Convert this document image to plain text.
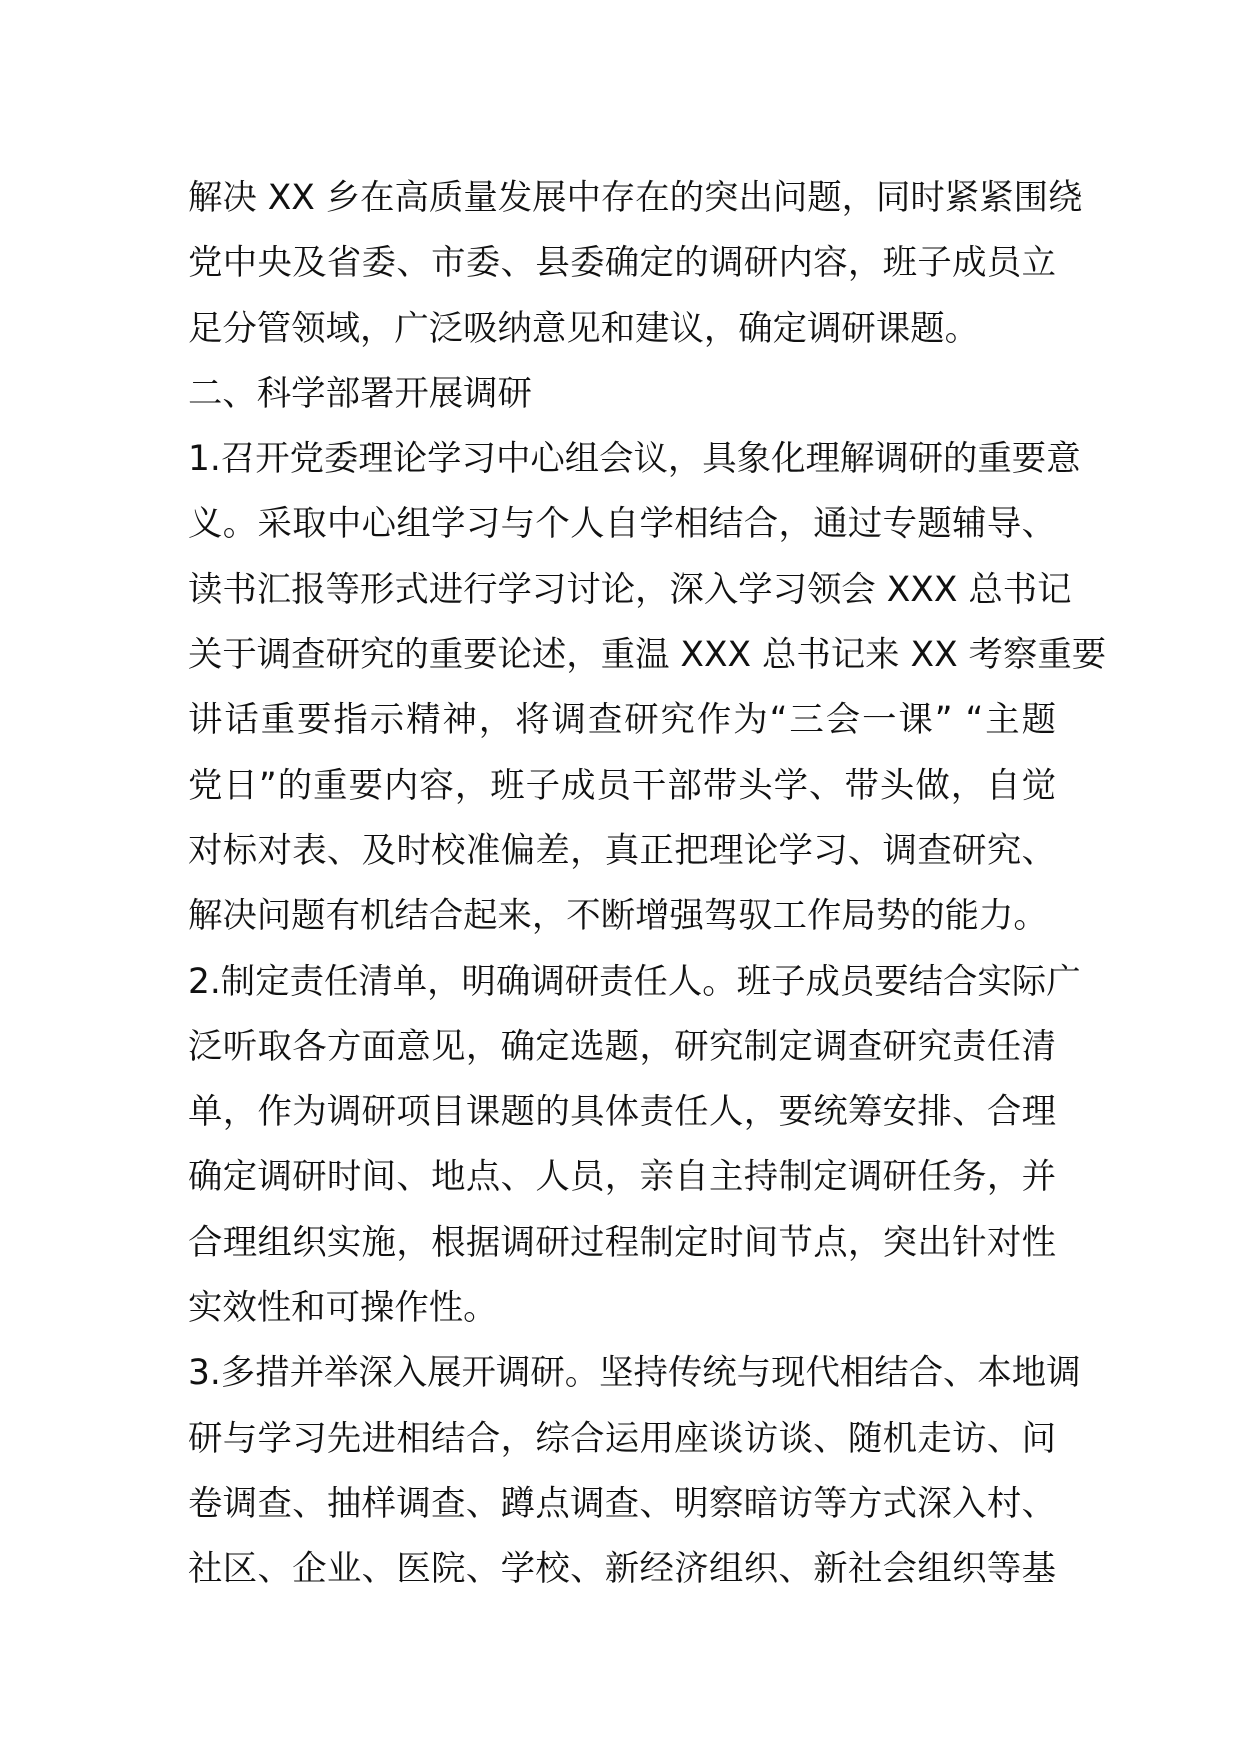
解决 XX 乡在高质量发展中存在的突出问题，同时紧紧围绕
党中央及省委、市委、县委确定的调研内容，班子成员立
足分管领域，广泛吸纳意见和建议，确定调研课题。
二、科学部署开展调研
1.召开党委理论学习中心组会议，具象化理解调研的重要意
义。采取中心组学习与个人自学相结合，通过专题辅导、
读书汇报等形式进行学习讨论，深入学习领会 XXX 总书记
关于调查研究的重要论述，重温 XXX 总书记来 XX 考察重要
讲话重要指示精神，将调查研究作为“三会一课” “主题
党日”的重要内容，班子成员干部带头学、带头做，自觉
对标对表、及时校准偏差，真正把理论学习、调查研究、
解决问题有机结合起来，不断增强驾驭工作局势的能力。
2.制定责任清单，明确调研责任人。班子成员要结合实际广
泛听取各方面意见，确定选题，研究制定调查研究责任清
单，作为调研项目课题的具体责任人，要统筹安排、合理
确定调研时间、地点、人员，亲自主持制定调研任务，并
合理组织实施，根据调研过程制定时间节点，突出针对性
实效性和可操作性。
3.多措并举深入展开调研。坚持传统与现代相结合、本地调
研与学习先进相结合，综合运用座谈访谈、随机走访、问
卷调查、抽样调查、蹲点调查、明察暗访等方式深入村、
社区、企业、医院、学校、新经济组织、新社会组织等基
